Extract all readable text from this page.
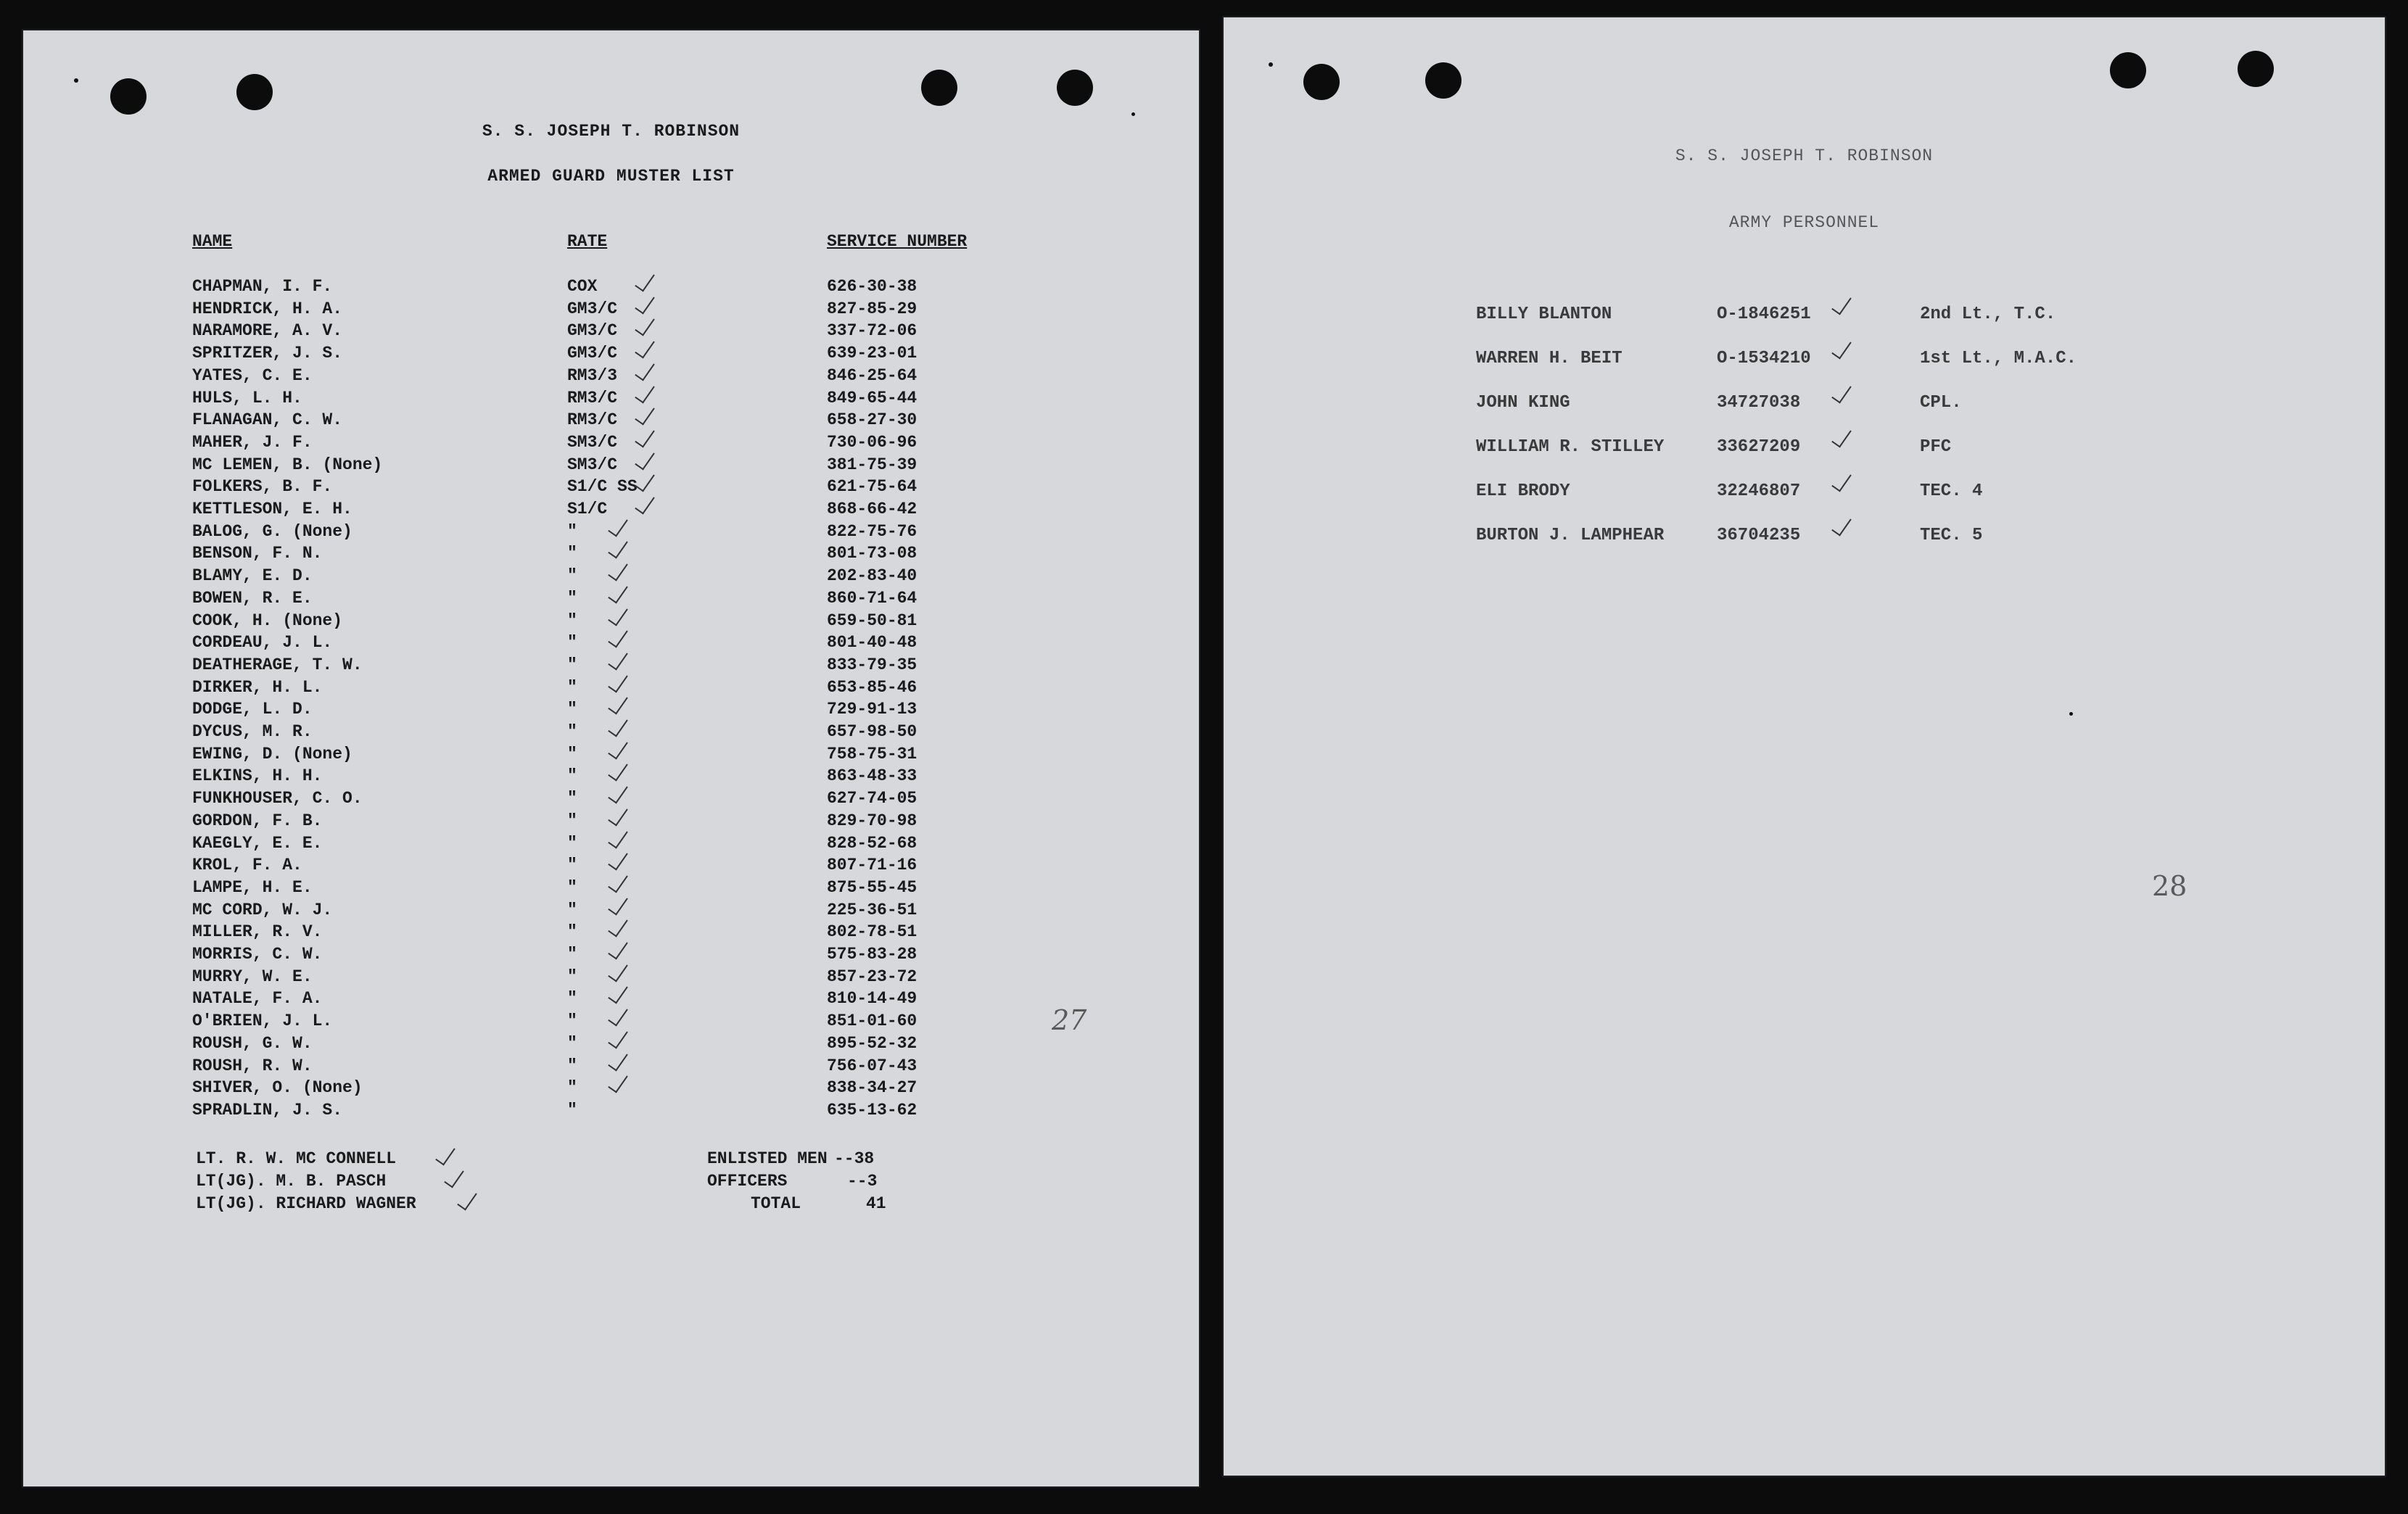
S. S. JOSEPH T. ROBINSON
ARMED GUARD MUSTER LIST
NAME	RATE	SERVICE NUMBER
CHAPMAN, I. F.	COX	626-30-38
HENDRICK, H. A.	GM3/C	827-85-29
NARAMORE, A. V.	GM3/C	337-72-06
SPRITZER, J. S.	GM3/C	639-23-01
YATES, C. E.	RM3/3	846-25-64
HULS, L. H.	RM3/C	849-65-44
FLANAGAN, C. W.	RM3/C	658-27-30
MAHER, J. F.	SM3/C	730-06-96
MC LEMEN, B. (None)	SM3/C	381-75-39
FOLKERS, B. F.	S1/C SS	621-75-64
KETTLESON, E. H.	S1/C	868-66-42
BALOG, G. (None)	"	822-75-76
BENSON, F. N.	"	801-73-08
BLAMY, E. D.	"	202-83-40
BOWEN, R. E.	"	860-71-64
COOK, H. (None)	"	659-50-81
CORDEAU, J. L.	"	801-40-48
DEATHERAGE, T. W.	"	833-79-35
DIRKER, H. L.	"	653-85-46
DODGE, L. D.	"	729-91-13
DYCUS, M. R.	"	657-98-50
EWING, D. (None)	"	758-75-31
ELKINS, H. H.	"	863-48-33
FUNKHOUSER, C. O.	"	627-74-05
GORDON, F. B.	"	829-70-98
KAEGLY, E. E.	"	828-52-68
KROL, F. A.	"	807-71-16
LAMPE, H. E.	"	875-55-45
MC CORD, W. J.	"	225-36-51
MILLER, R. V.	"	802-78-51
MORRIS, C. W.	"	575-83-28
MURRY, W. E.	"	857-23-72
NATALE, F. A.	"	810-14-49
O'BRIEN, J. L.	"	851-01-60
ROUSH, G. W.	"	895-52-32
ROUSH, R. W.	"	756-07-43
SHIVER, O. (None)	"	838-34-27
SPRADLIN, J. S.	"	635-13-62
LT. R. W. MC CONNELL
LT(JG). M. B. PASCH
LT(JG). RICHARD WAGNER
ENLISTED MEN --38
OFFICERS	--3
TOTAL	41
27
S. S. JOSEPH T. ROBINSON
ARMY PERSONNEL
BILLY BLANTON	O-1846251	2nd Lt., T.C.
WARREN H. BEIT	O-1534210	1st Lt., M.A.C.
JOHN KING	34727038	CPL.
WILLIAM R. STILLEY	33627209	PFC
ELI BRODY	32246807	TEC. 4
BURTON J. LAMPHEAR	36704235	TEC. 5
28
